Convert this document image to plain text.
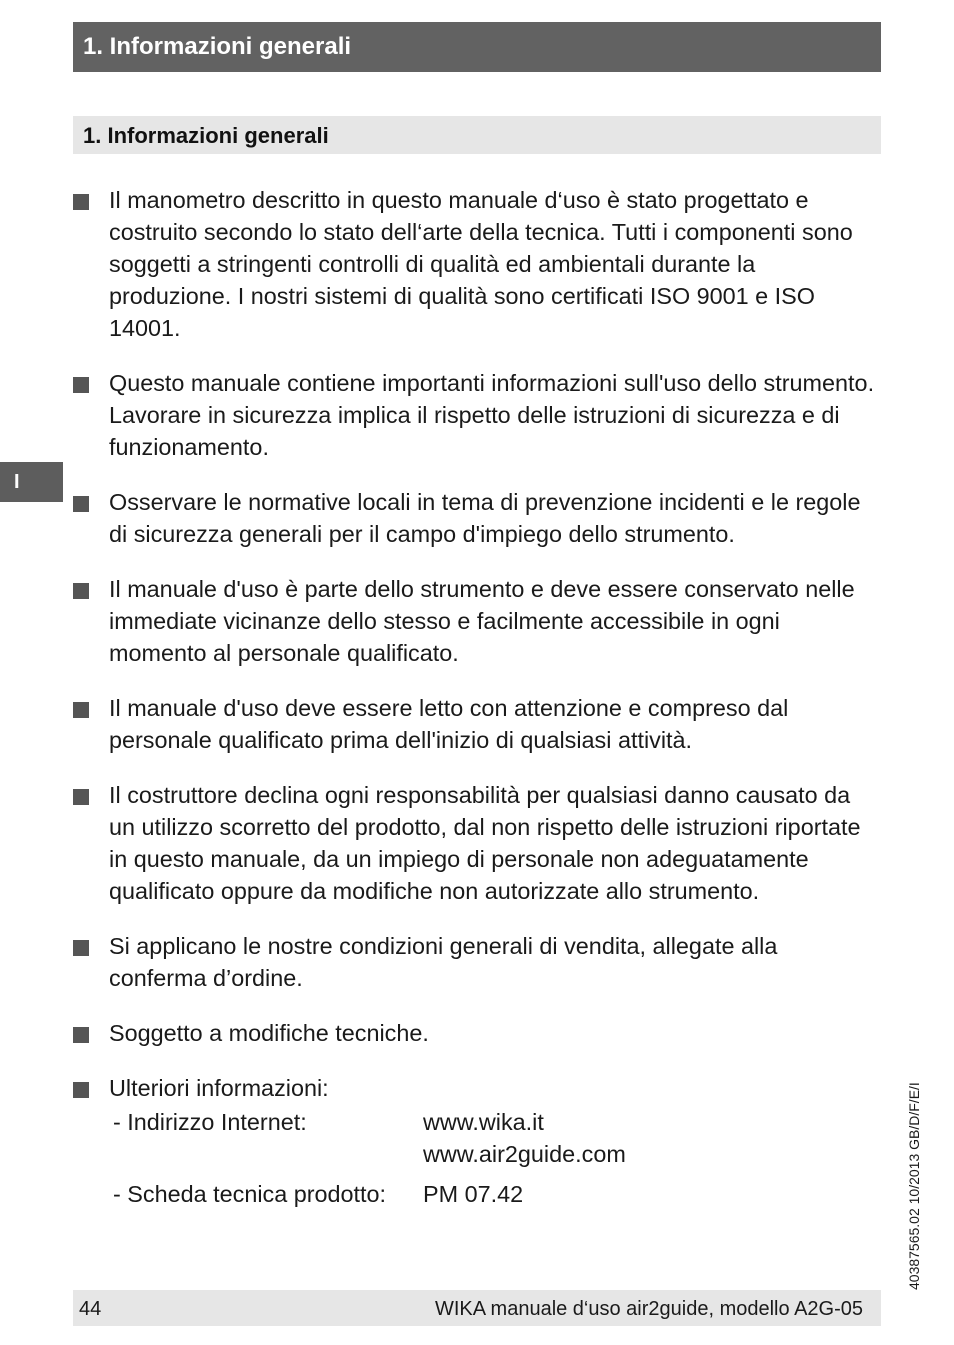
1. Informazioni generali
1. Informazioni generali
I
Il manometro descritto in questo manuale d‘uso è stato progettato e costruito secondo lo stato dell‘arte della tecnica. Tutti i componenti sono soggetti a stringenti controlli di qualità ed ambientali durante la produzione. I nostri sistemi di qualità sono certificati ISO 9001 e ISO 14001.
Questo manuale contiene importanti informazioni sull'uso dello strumento. Lavorare in sicurezza implica il rispetto delle istruzioni di sicurezza e di funzionamento.
Osservare le normative locali in tema di prevenzione incidenti e le regole di sicurezza generali per il campo d'impiego dello strumento.
Il manuale d'uso è parte dello strumento e deve essere conservato nelle immediate vicinanze dello stesso e facilmente accessibile in ogni momento al personale qualificato.
Il manuale d'uso deve essere letto con attenzione e compreso dal personale qualificato prima dell'inizio di qualsiasi attività.
Il costruttore declina ogni responsabilità per qualsiasi danno causato da un utilizzo scorretto del prodotto, dal non rispetto delle istruzioni riportate in questo manuale, da un impiego di personale non adeguatamente qualificato oppure da modifiche non autorizzate allo strumento.
Si applicano le nostre condizioni generali di vendita, allegate alla conferma d’ordine.
Soggetto a modifiche tecniche.
Ulteriori informazioni:
- Indirizzo Internet:	www.wika.it
www.air2guide.com
- Scheda tecnica prodotto:	PM 07.42
44	WIKA manuale d‘uso air2guide, modello A2G-05
40387565.02 10/2013 GB/D/F/E/I
